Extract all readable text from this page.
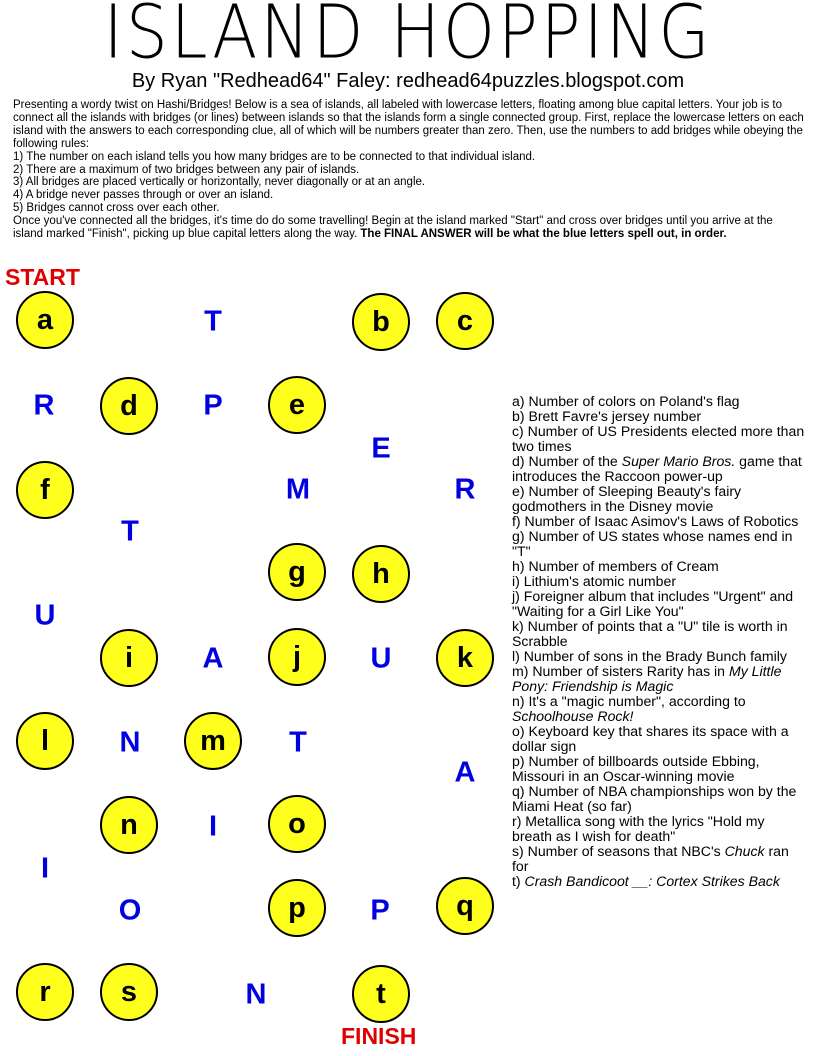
ISLAND HOPPING
By Ryan "Redhead64" Faley: redhead64puzzles.blogspot.com

Presenting a wordy twist on Hashi/Bridges! Below is a sea of islands, all labeled with lowercase letters, floating among blue capital letters. Your job is to connect all the islands with bridges (or lines) between islands so that the islands form a single connected group. First, replace the lowercase letters on each island with the answers to each corresponding clue, all of which will be numbers greater than zero. Then, use the numbers to add bridges while obeying the following rules:

1) The number on each island tells you how many bridges are to be connected to that individual island.

2) There are a maximum of two bridges between any pair of islands.

3) All bridges are placed vertically or horizontally, never diagonally or at an angle.

4) A bridge never passes through or over an island.

5) Bridges cannot cross over each other.

Once you've connected all the bridges, it's time do do some travelling! Begin at the island marked "Start" and cross over bridges until you arrive at the island marked "Finish", picking up blue capital letters along the way. The FINAL ANSWER will be what the blue letters spell out, in order.

START
FINISH
a	b	c
d	e
f
g	h
i	j	k
l	m
n	o
p	q
r	s	t
T
R	P
E
M	R
T
U
A	U
N	T
A
I
I
O	P
N

a) Number of colors on Poland's flag

b) Brett Favre's jersey number

c) Number of US Presidents elected more than two times

d) Number of the Super Mario Bros. game that introduces the Raccoon power-up

e) Number of Sleeping Beauty's fairy godmothers in the Disney movie

f) Number of Isaac Asimov's Laws of Robotics

g) Number of US states whose names end in "T"

h) Number of members of Cream

i) Lithium's atomic number

j) Foreigner album that includes "Urgent" and "Waiting for a Girl Like You"

k) Number of points that a "U" tile is worth in Scrabble

l) Number of sons in the Brady Bunch family

m) Number of sisters Rarity has in My Little Pony: Friendship is Magic

n) It's a "magic number", according to Schoolhouse Rock!

o) Keyboard key that shares its space with a dollar sign

p) Number of billboards outside Ebbing, Missouri in an Oscar-winning movie

q) Number of NBA championships won by the Miami Heat (so far)

r) Metallica song with the lyrics "Hold my breath as I wish for death"

s) Number of seasons that NBC's Chuck ran for

t) Crash Bandicoot __: Cortex Strikes Back
